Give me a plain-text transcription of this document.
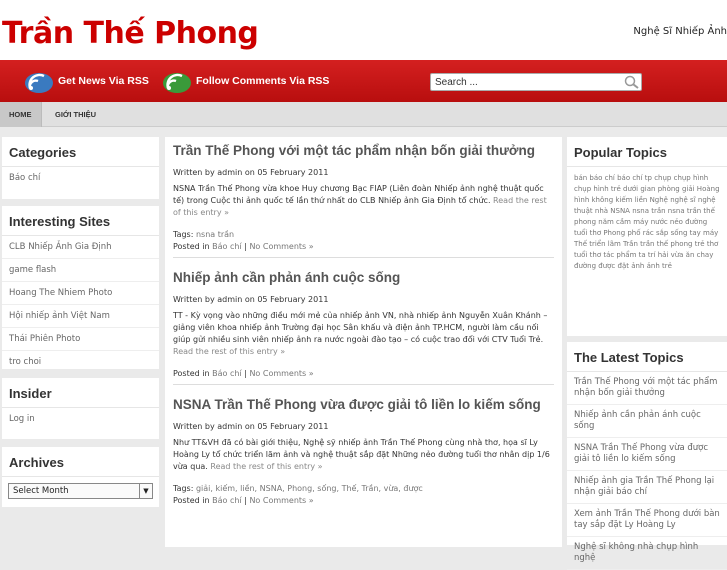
Trần Thế Phong	Nghệ Sĩ Nhiếp Ảnh
Get News Via RSS	Follow Comments Via RSS	Search ...
HOME	GIỚI THIỆU
Categories
Báo chí
Interesting Sites
CLB Nhiếp Ảnh Gia Định
game flash
Hoang The Nhiem Photo
Hội nhiếp ảnh Việt Nam
Thái Phiên Photo
tro choi
Insider
Log in
Archives
Select Month	▼
Trần Thế Phong với một tác phẩm nhận bốn giải thưởng
Written by admin on 05 February 2011
NSNA Trần Thế Phong vừa khoe Huy chương Bạc FIAP (Liên đoàn Nhiếp ảnh nghệ thuật quốc tế) trong Cuộc thi ảnh quốc tế lần thứ nhất do CLB Nhiếp ảnh Gia Định tổ chức. Read the rest of this entry »
Tags: nsna trần
Posted in Báo chí | No Comments »
Nhiếp ảnh cần phản ánh cuộc sống
Written by admin on 05 February 2011
TT - Kỳ vọng vào những điều mới mẻ của nhiếp ảnh VN, nhà nhiếp ảnh Nguyễn Xuân Khánh – giảng viên khoa nhiếp ảnh Trường đại học Sân khấu và điện ảnh TP.HCM, người làm cầu nối giúp gửi nhiều sinh viên nhiếp ảnh ra nước ngoài đào tạo – có cuộc trao đổi với CTV Tuổi Trẻ. Read the rest of this entry »
Posted in Báo chí | No Comments »
NSNA Trần Thế Phong vừa được giải tô liền lo kiếm sống
Written by admin on 05 February 2011
Như TT&VH đã có bài giới thiệu, Nghệ sỹ nhiếp ảnh Trần Thế Phong cùng nhà thơ, họa sĩ Ly Hoàng Ly tổ chức triển lãm ảnh và nghệ thuật sắp đặt Những nẻo đường tuổi thơ nhân dịp 1/6 vừa qua. Read the rest of this entry »
Tags: giải, kiếm, liền, NSNA, Phong, sống, Thế, Trần, vừa, được
Posted in Báo chí | No Comments »
Popular Topics
bán báo chí báo chí tp chụp chụp hình chụp hình trẻ dưới gian phòng giải Hoàng hình không kiếm liền Nghệ nghệ sĩ nghệ thuật nhà NSNA nsna trần nsna trần thế phong năm cầm máy nước nẻo đường tuổi thơ Phong phố rác sắp sống tay máy Thế triển lãm Trần trần thế phong trẻ thơ tuổi thơ tác phẩm ta trí hải vừa ăn chay đường được đặt ảnh ảnh trẻ
The Latest Topics
Trần Thế Phong với một tác phẩm nhận bốn giải thưởng
Nhiếp ảnh cần phản ánh cuộc sống
NSNA Trần Thế Phong vừa được giải tô liền lo kiếm sống
Nhiếp ảnh gia Trần Thế Phong lại nhận giải báo chí
Xem ảnh Trần Thế Phong dưới bàn tay sắp đặt Ly Hoàng Ly
Nghệ sĩ không nhà chụp hình nghệ
